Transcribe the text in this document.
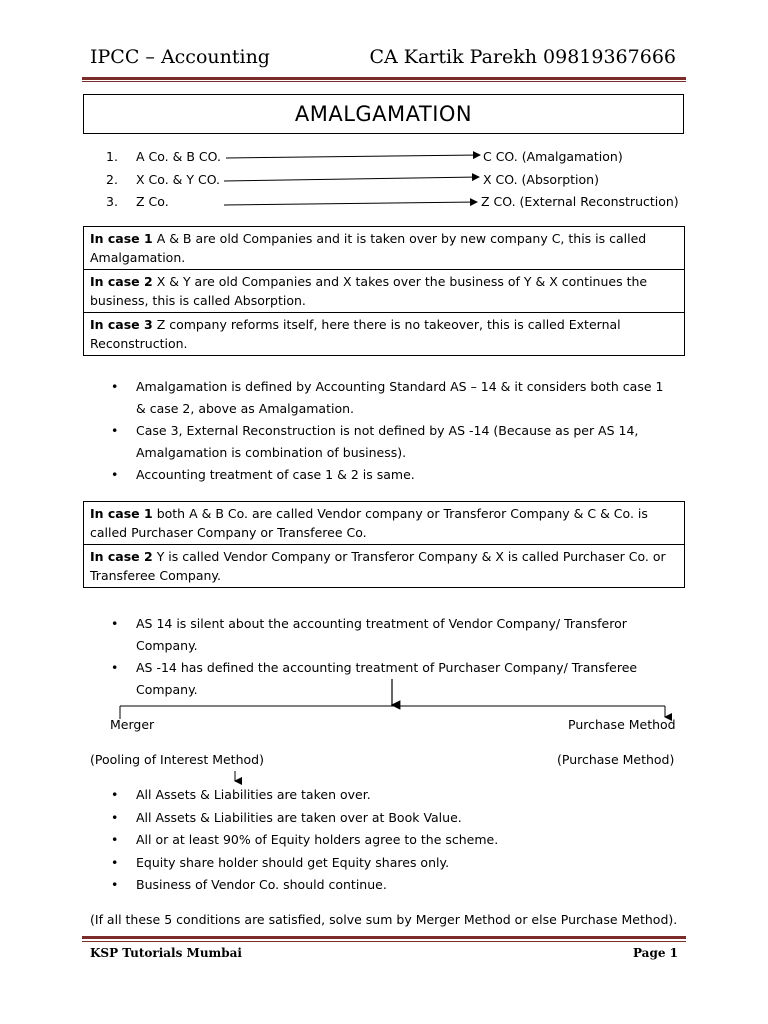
IPCC – Accounting	CA Kartik Parekh 09819367666
AMALGAMATION
1. A Co. & B CO.	C CO. (Amalgamation)
2. X Co. & Y CO.	X CO. (Absorption)
3. Z Co.	Z CO. (External Reconstruction)
In case 1 A & B are old Companies and it is taken over by new company C, this is called Amalgamation.
In case 2 X & Y are old Companies and X takes over the business of Y & X continues the business, this is called Absorption.
In case 3 Z company reforms itself, here there is no takeover, this is called External Reconstruction.
• Amalgamation is defined by Accounting Standard AS – 14 & it considers both case 1 & case 2, above as Amalgamation.
• Case 3, External Reconstruction is not defined by AS -14 (Because as per AS 14, Amalgamation is combination of business).
• Accounting treatment of case 1 & 2 is same.
In case 1 both A & B Co. are called Vendor company or Transferor Company & C & Co. is called Purchaser Company or Transferee Co.
In case 2 Y is called Vendor Company or Transferor Company & X is called Purchaser Co. or Transferee Company.
• AS 14 is silent about the accounting treatment of Vendor Company/ Transferor Company.
• AS -14 has defined the accounting treatment of Purchaser Company/ Transferee Company.
Merger	Purchase Method
(Pooling of Interest Method)	(Purchase Method)
• All Assets & Liabilities are taken over.
• All Assets & Liabilities are taken over at Book Value.
• All or at least 90% of Equity holders agree to the scheme.
• Equity share holder should get Equity shares only.
• Business of Vendor Co. should continue.
(If all these 5 conditions are satisfied, solve sum by Merger Method or else Purchase Method).
KSP Tutorials Mumbai	Page 1
